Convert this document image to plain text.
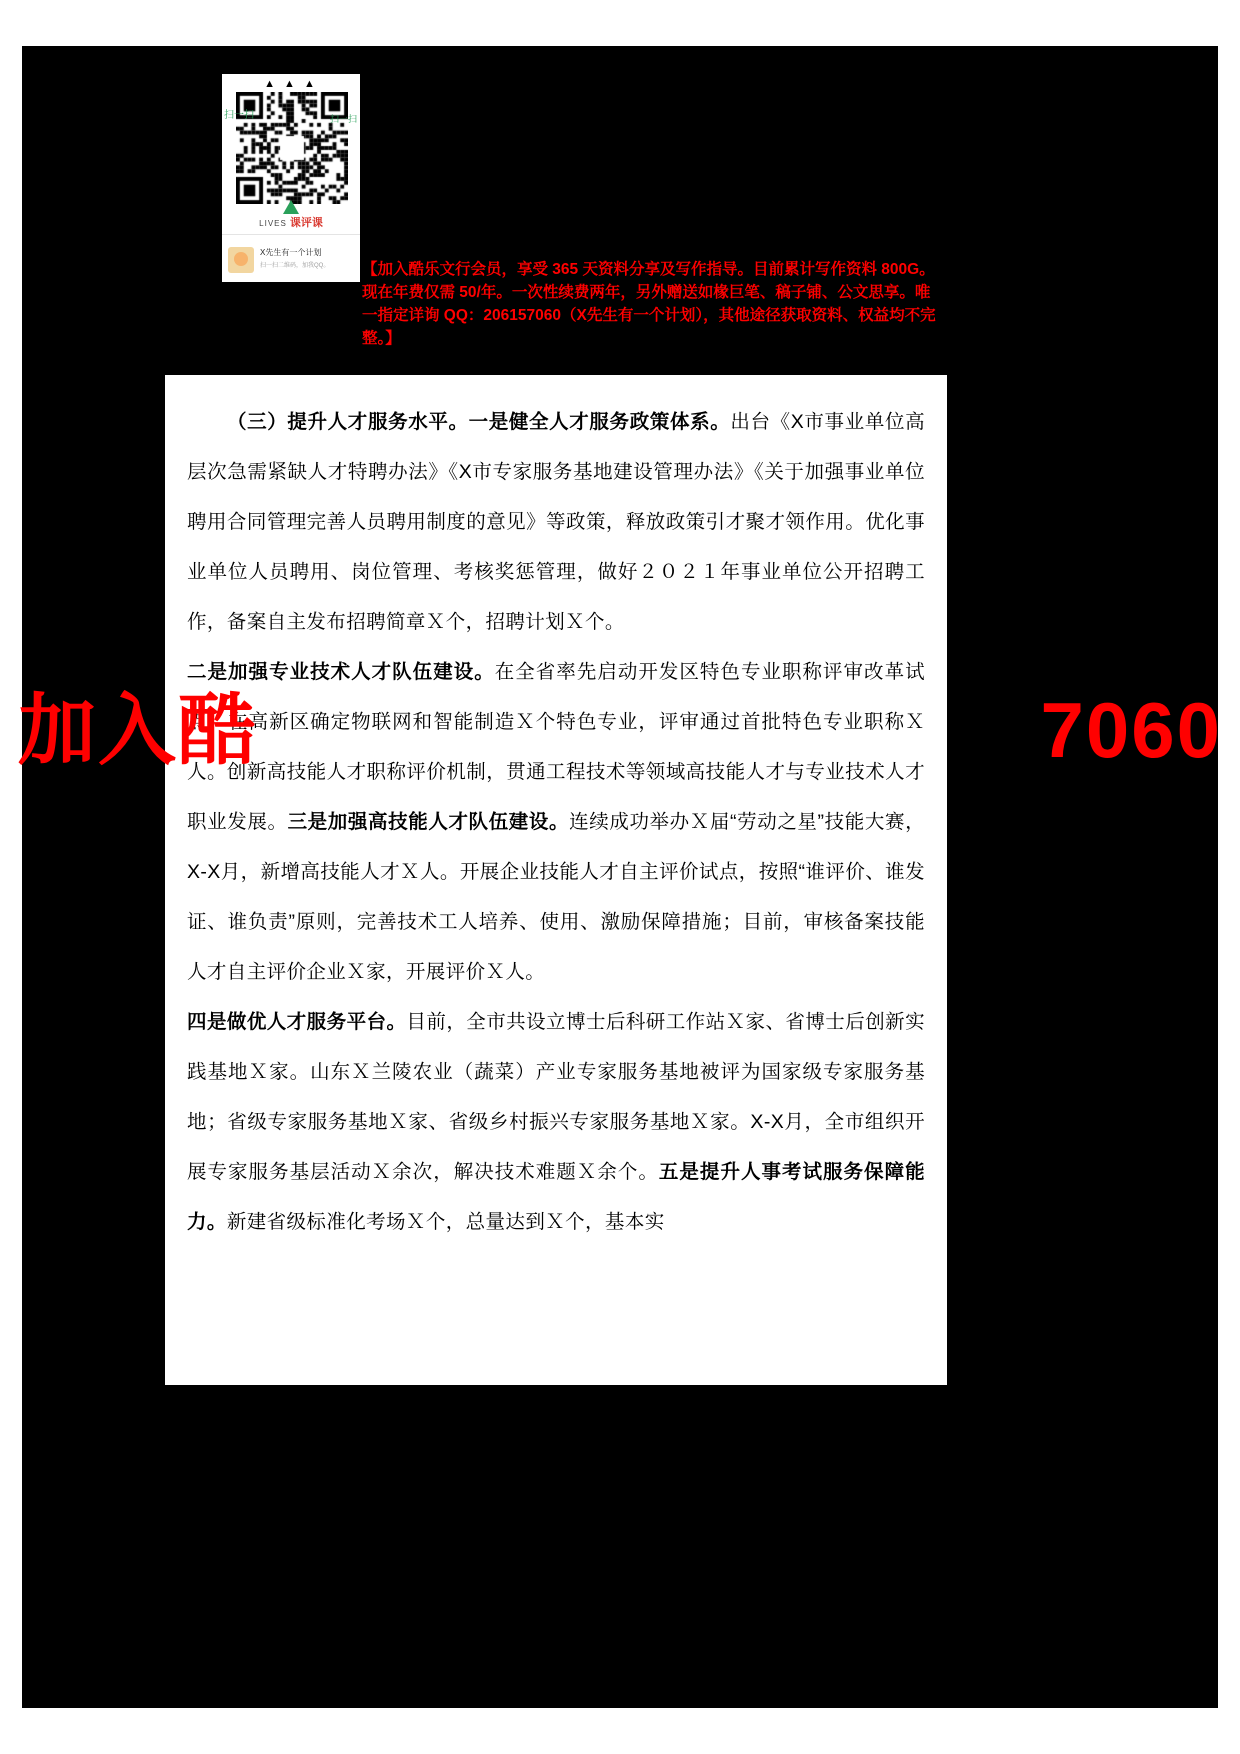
▲ ▲ ▲
扫一扫	扫一扫
LIVES 课评课
X先生有一个计划
扫一扫二维码，加我QQ。 【加入酷乐文行会员，享受 365 天资料分享及写作指导。目前累计写作资料 800G。现在年费仅需 50/年。一次性续费两年，另外赠送如椽巨笔、稿子铺、公文思享。唯一指定详询 QQ：206157060（X先生有一个计划），其他途径获取资料、权益均不完整。】
（三）提升人才服务水平。一是健全人才服务政策体系。出台《X市事业单位高层次急需紧缺人才特聘办法》《X市专家服务基地建设管理办法》《关于加强事业单位聘用合同管理完善人员聘用制度的意见》等政策，释放政策引才聚才领作用。优化事业单位人员聘用、岗位管理、考核奖惩管理，做好２０２１年事业单位公开招聘工作，备案自主发布招聘简章Ｘ个，招聘计划Ｘ个。
二是加强专业技术人才队伍建设。在全省率先启动开发区特色专业职称评审改革试点，在高新区确定物联网和智能制造Ｘ个特色专业，评审通过首批特色专业职称Ｘ人。创新高技能人才职称评价机制，贯通工程技术等领域高技能人才与专业技术人才职业发展。三是加强高技能人才队伍建设。连续成功举办Ｘ届“劳动之星”技能大赛，X-X月，新增高技能人才Ｘ人。开展企业技能人才自主评价试点，按照“谁评价、谁发证、谁负责”原则，完善技术工人培养、使用、激励保障措施；目前，审核备案技能人才自主评价企业Ｘ家，开展评价Ｘ人。
四是做优人才服务平台。目前，全市共设立博士后科研工作站Ｘ家、省博士后创新实践基地Ｘ家。山东Ｘ兰陵农业（蔬菜）产业专家服务基地被评为国家级专家服务基地；省级专家服务基地Ｘ家、省级乡村振兴专家服务基地Ｘ家。X-X月，全市组织开展专家服务基层活动Ｘ余次，解决技术难题Ｘ余个。五是提升人事考试服务保障能力。新建省级标准化考场Ｘ个，总量达到Ｘ个，基本实
加入酷	7060
